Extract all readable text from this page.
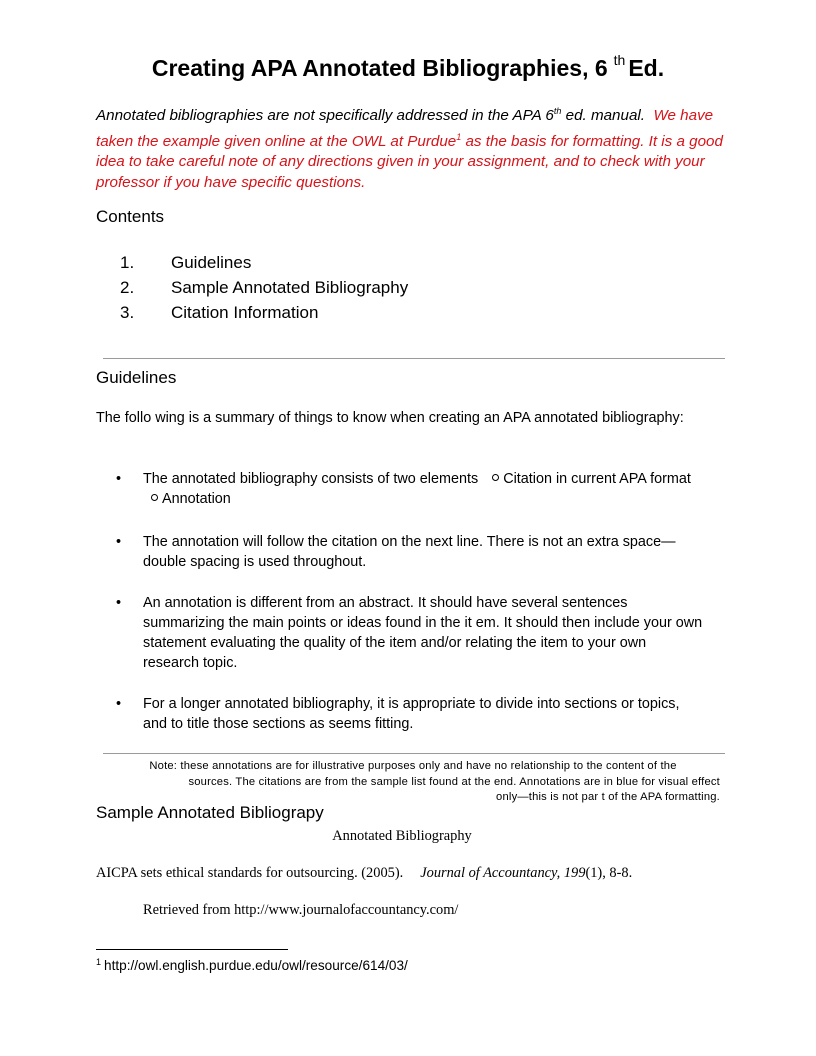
Creating APA Annotated Bibliographies, 6 $^{th}$ Ed.
Annotated bibliographies are not specifically addressed in the APA 6th ed. manual. We have taken the example given online at the OWL at Purdue$^1$ as the basis for formatting. It is a good idea to take careful note of any directions given in your assignment, and to check with your professor if you have specific questions.
Contents
1.	Guidelines
2.	Sample Annotated Bibliography
3.	Citation Information
Guidelines
The follo wing is a summary of things to know when creating an APA annotated bibliography:
• The annotated bibliography consists of two elements Citation in current APA formatAnnotation
• The annotation will follow the citation on the next line. There is not an extra space—double spacing is used throughout.
• An annotation is different from an abstract. It should have several sentences summarizing the main points or ideas found in the it em. It should then include your own statement evaluating the quality of the item and/or relating the item to your own research topic.
• For a longer annotated bibliography, it is appropriate to divide into sections or topics, and to title those sections as seems fitting.
Note: these annotations are for illustrative purposes only and have no relationship to the content of the
sources. The citations are from the sample list found at the end. Annotations are in blue for visual effect
only—this is not par t of the APA formatting.
Sample Annotated Bibliograpy
Annotated Bibliography
AICPA sets ethical standards for outsourcing. (2005). Journal of Accountancy, 199(1), 8-8.
Retrieved from http://www.journalofaccountancy.com/
$^1$ http://owl.english.purdue.edu/owl/resource/614/03/
